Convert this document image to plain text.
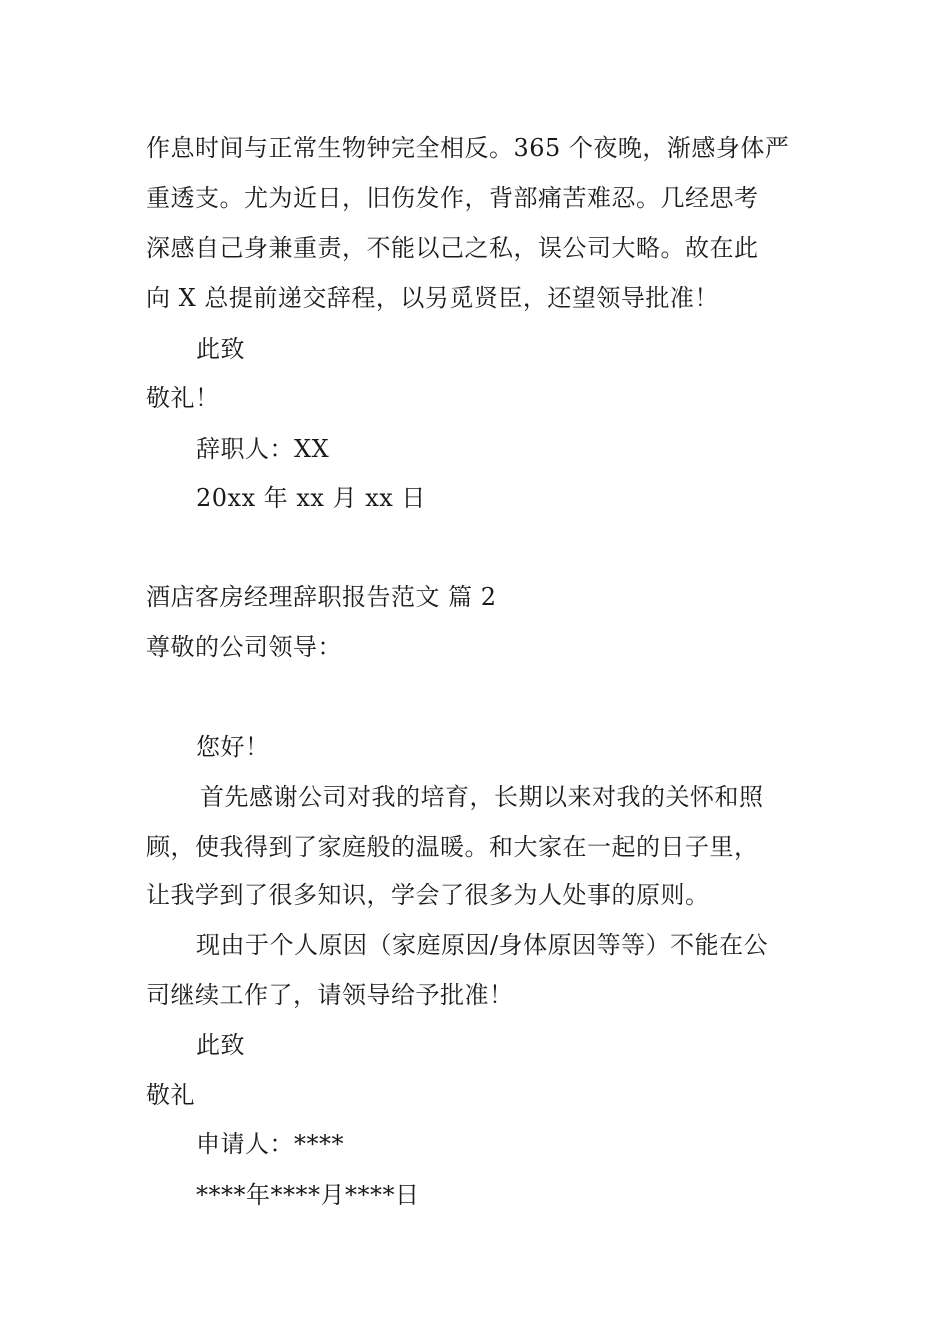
作息时间与正常生物钟完全相反。365 个夜晚，渐感身体严
重透支。尤为近日，旧伤发作，背部痛苦难忍。几经思考
深感自己身兼重责，不能以己之私，误公司大略。故在此
向 X 总提前递交辞程，以另觅贤臣，还望领导批准！
此致
敬礼！
辞职人：XX
20xx 年 xx 月 xx 日
酒店客房经理辞职报告范文 篇 2
尊敬的公司领导：
您好！
首先感谢公司对我的培育，长期以来对我的关怀和照
顾，使我得到了家庭般的温暖。和大家在一起的日子里，
让我学到了很多知识，学会了很多为人处事的原则。
现由于个人原因（家庭原因/身体原因等等）不能在公
司继续工作了，请领导给予批准！
此致
敬礼
申请人：****
****年****月****日
